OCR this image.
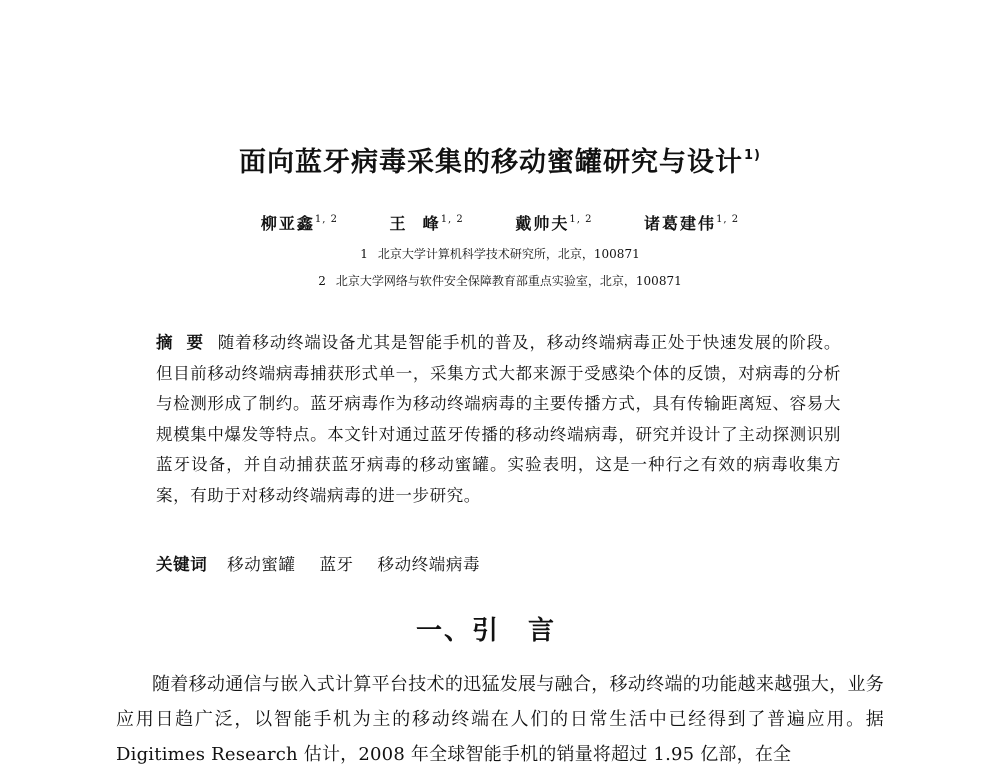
面向蓝牙病毒采集的移动蜜罐研究与设计$^{1)}$
柳亚鑫$^{1, 2}$	王  峰$^{1, 2}$	戴帅夫$^{1, 2}$	诸葛建伟$^{1, 2}$
1 北京大学计算机科学技术研究所，北京，100871
2 北京大学网络与软件安全保障教育部重点实验室，北京，100871
摘  要 随着移动终端设备尤其是智能手机的普及，移动终端病毒正处于快速发展的阶段。但目前移动终端病毒捕获形式单一，采集方式大都来源于受感染个体的反馈，对病毒的分析与检测形成了制约。蓝牙病毒作为移动终端病毒的主要传播方式，具有传输距离短、容易大规模集中爆发等特点。本文针对通过蓝牙传播的移动终端病毒，研究并设计了主动探测识别蓝牙设备，并自动捕获蓝牙病毒的移动蜜罐。实验表明，这是一种行之有效的病毒收集方案，有助于对移动终端病毒的进一步研究。
关键词 移动蜜罐 蓝牙 移动终端病毒
一、引言
随着移动通信与嵌入式计算平台技术的迅猛发展与融合，移动终端的功能越来越强大，业务应用日趋广泛，以智能手机为主的移动终端在人们的日常生活中已经得到了普遍应用。据 Digitimes Research 估计，2008 年全球智能手机的销量将超过 1.95 亿部，在全
